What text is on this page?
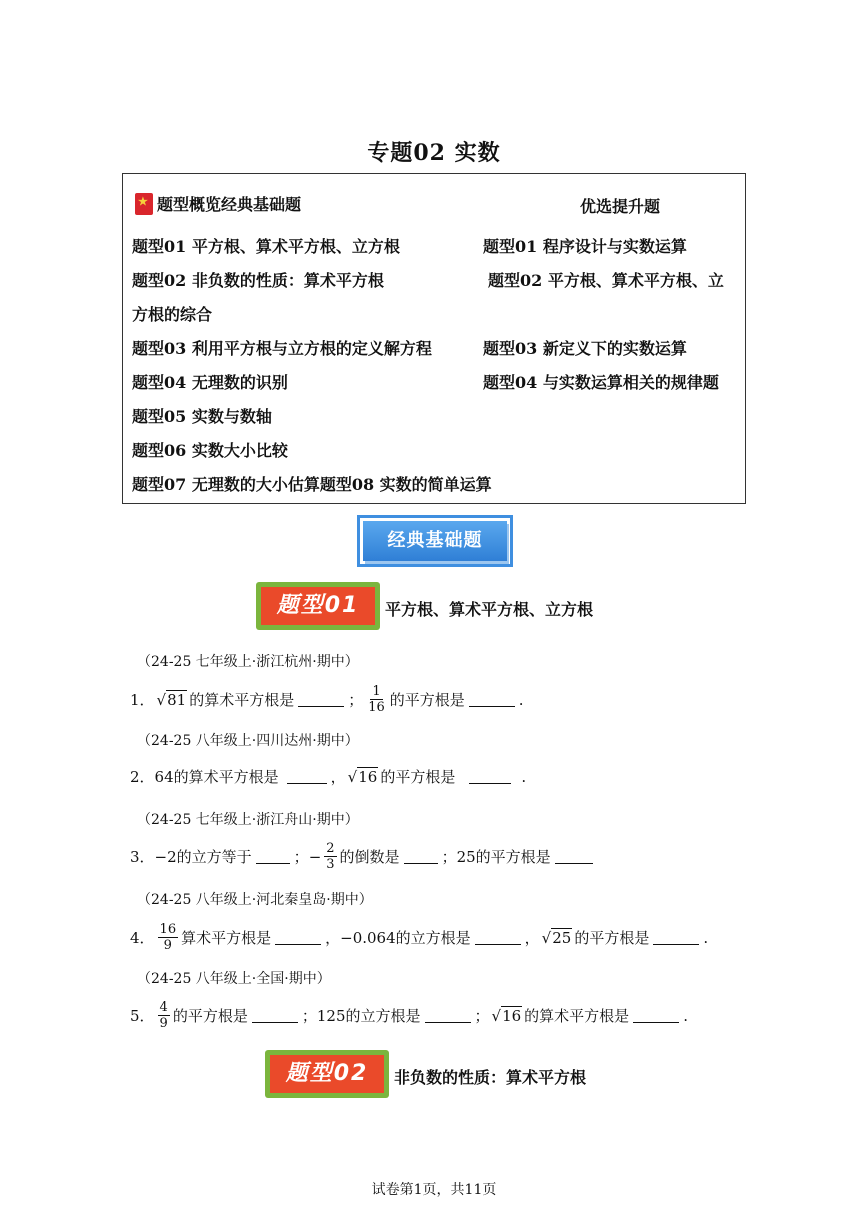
专题02 实数
★题型概览经典基础题	优选提升题
题型01 平方根、算术平方根、立方根	题型01 程序设计与实数运算
题型02 非负数的性质：算术平方根	题型02 平方根、算术平方根、立
方根的综合
题型03 利用平方根与立方根的定义解方程	题型03 新定义下的实数运算
题型04 无理数的识别	题型04 与实数运算相关的规律题
题型05 实数与数轴
题型06 实数大小比较
题型07 无理数的大小估算题型08 实数的简单运算
经典基础题
题型01	平方根、算术平方根、立方根
（24-25 七年级上·浙江杭州·期中）
1． √81 的算术平方根是	； $\frac{1}{16}$ 的平方根是	.
（24-25 八年级上·四川达州·期中）
2． 64的算术平方根是	， √16 的平方根是	.
（24-25 七年级上·浙江舟山·期中）
3． −2的立方等于	； − $\frac{2}{3}$ 的倒数是	； 25的平方根是
（24-25 八年级上·河北秦皇岛·期中）
4． $\frac{16}{9}$ 算术平方根是	， −0.064的立方根是	， √25 的平方根是	.
（24-25 八年级上·全国·期中）
5． $\frac{4}{9}$ 的平方根是	； 125的立方根是	； √16 的算术平方根是	.
题型02	非负数的性质：算术平方根
试卷第1页，共11页
